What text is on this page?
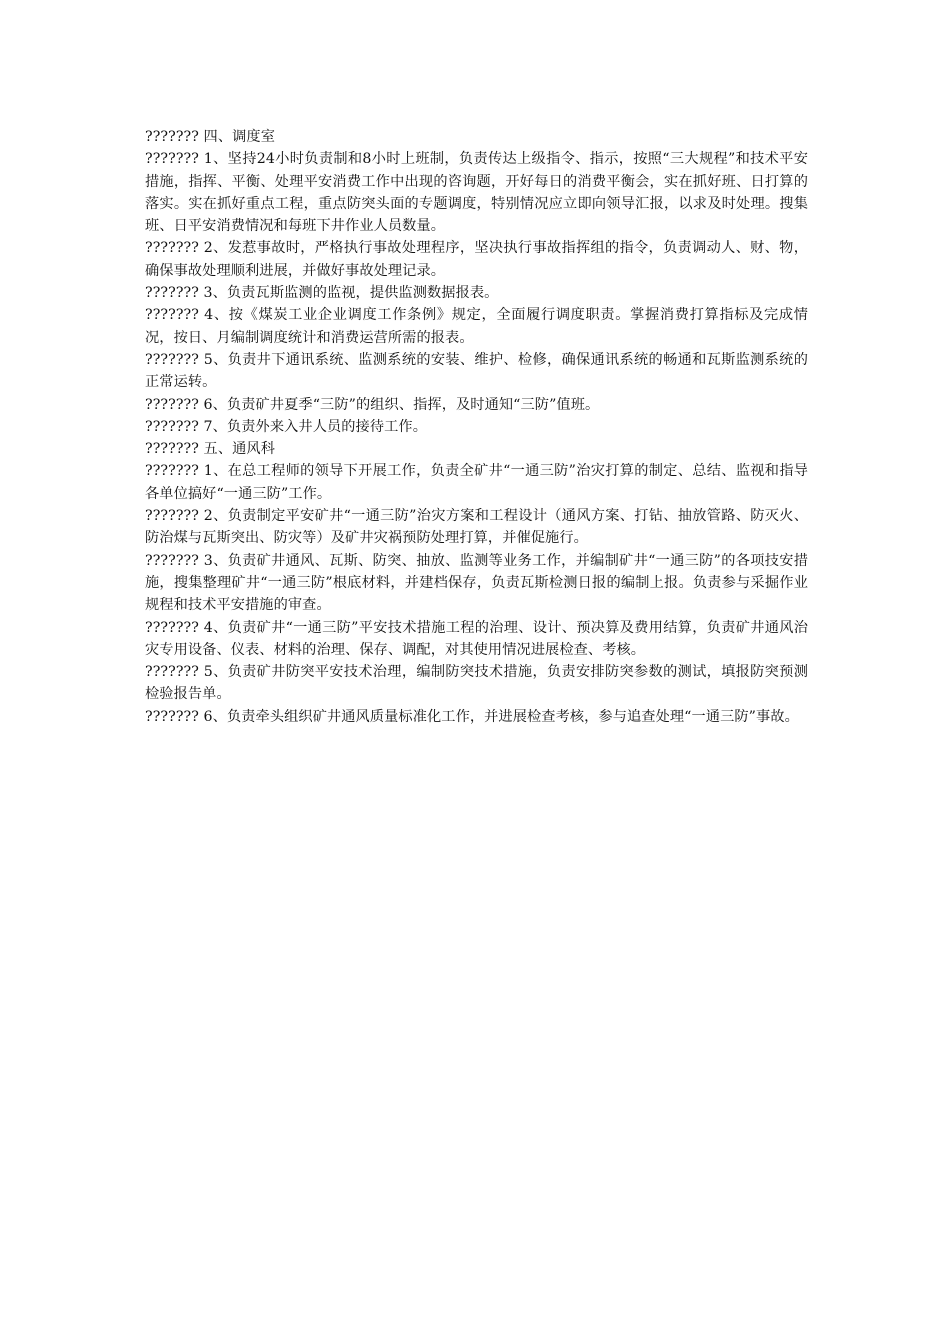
??????? 四、调度室

??????? 1、坚持24小时负责制和8小时上班制，负责传达上级指令、指示，按照“三大规程”和技术平安措施，指挥、平衡、处理平安消费工作中出现的咨询题，开好每日的消费平衡会，实在抓好班、日打算的落实。实在抓好重点工程，重点防突头面的专题调度，特别情况应立即向领导汇报，以求及时处理。搜集班、日平安消费情况和每班下井作业人员数量。

??????? 2、发惹事故时，严格执行事故处理程序，坚决执行事故指挥组的指令，负责调动人、财、物，确保事故处理顺利进展，并做好事故处理记录。

??????? 3、负责瓦斯监测的监视，提供监测数据报表。

??????? 4、按《煤炭工业企业调度工作条例》规定，全面履行调度职责。掌握消费打算指标及完成情况，按日、月编制调度统计和消费运营所需的报表。

??????? 5、负责井下通讯系统、监测系统的安装、维护、检修，确保通讯系统的畅通和瓦斯监测系统的正常运转。

??????? 6、负责矿井夏季“三防”的组织、指挥，及时通知“三防”值班。

??????? 7、负责外来入井人员的接待工作。

??????? 五、通风科

??????? 1、在总工程师的领导下开展工作，负责全矿井“一通三防”治灾打算的制定、总结、监视和指导各单位搞好“一通三防”工作。

??????? 2、负责制定平安矿井“一通三防”治灾方案和工程设计（通风方案、打钻、抽放管路、防灭火、防治煤与瓦斯突出、防灾等）及矿井灾祸预防处理打算，并催促施行。

??????? 3、负责矿井通风、瓦斯、防突、抽放、监测等业务工作，并编制矿井“一通三防”的各项技安措施，搜集整理矿井“一通三防”根底材料，并建档保存，负责瓦斯检测日报的编制上报。负责参与采掘作业规程和技术平安措施的审查。

??????? 4、负责矿井“一通三防”平安技术措施工程的治理、设计、预决算及费用结算，负责矿井通风治灾专用设备、仪表、材料的治理、保存、调配，对其使用情况进展检查、考核。

??????? 5、负责矿井防突平安技术治理，编制防突技术措施，负责安排防突参数的测试，填报防突预测检验报告单。

??????? 6、负责牵头组织矿井通风质量标准化工作，并进展检查考核，参与追查处理“一通三防”事故。
